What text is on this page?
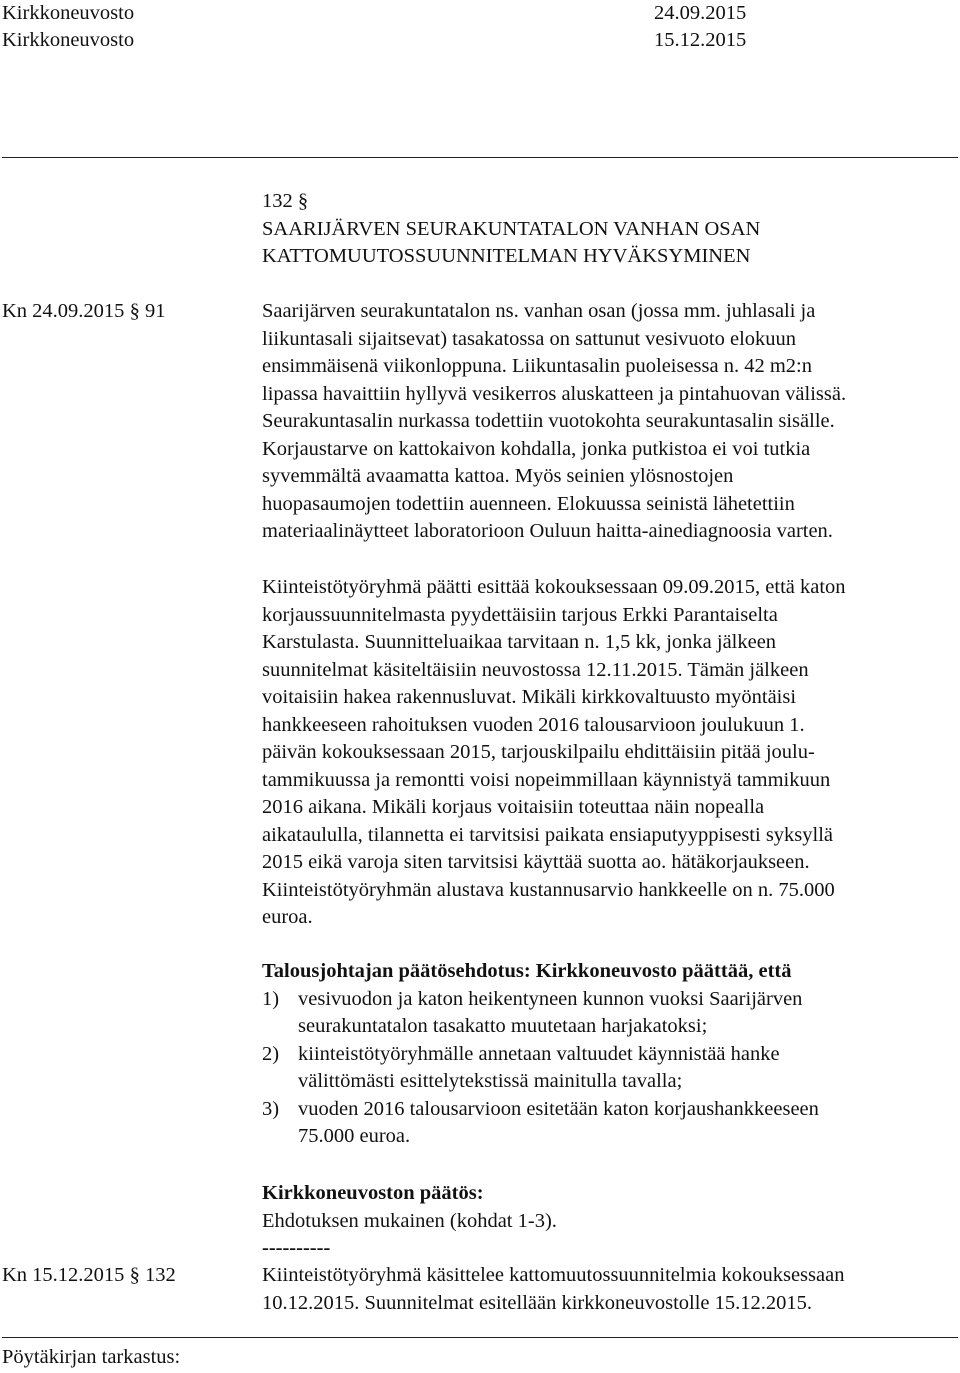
Kirkkoneuvosto	24.09.2015
Kirkkoneuvosto	15.12.2015
132 §
SAARIJÄRVEN SEURAKUNTATALON VANHAN OSAN
KATTOMUUTOSSUUNNITELMAN HYVÄKSYMINEN
Kn 24.09.2015 § 91	Saarijärven seurakuntatalon ns. vanhan osan (jossa mm. juhlasali ja

liikuntasali sijaitsevat) tasakatossa on sattunut vesivuoto elokuun

ensimmäisenä viikonloppuna. Liikuntasalin puoleisessa n. 42 m2:n

lipassa havaittiin hyllyvä vesikerros aluskatteen ja pintahuovan välissä.

Seurakuntasalin nurkassa todettiin vuotokohta seurakuntasalin sisälle.

Korjaustarve on kattokaivon kohdalla, jonka putkistoa ei voi tutkia

syvemmältä avaamatta kattoa. Myös seinien ylösnostojen

huopasaumojen todettiin auenneen. Elokuussa seinistä lähetettiin

materiaalinäytteet laboratorioon Ouluun haitta-ainediagnoosia varten.

Kiinteistötyöryhmä päätti esittää kokouksessaan 09.09.2015, että katon

korjaussuunnitelmasta pyydettäisiin tarjous Erkki Parantaiselta

Karstulasta. Suunnitteluaikaa tarvitaan n. 1,5 kk, jonka jälkeen

suunnitelmat käsiteltäisiin neuvostossa 12.11.2015. Tämän jälkeen

voitaisiin hakea rakennusluvat. Mikäli kirkkovaltuusto myöntäisi

hankkeeseen rahoituksen vuoden 2016 talousarvioon joulukuun 1.

päivän kokouksessaan 2015, tarjouskilpailu ehdittäisiin pitää joulu-

tammikuussa ja remontti voisi nopeimmillaan käynnistyä tammikuun

2016 aikana. Mikäli korjaus voitaisiin toteuttaa näin nopealla

aikataululla, tilannetta ei tarvitsisi paikata ensiaputyyppisesti syksyllä

2015 eikä varoja siten tarvitsisi käyttää suotta ao. hätäkorjaukseen.

Kiinteistötyöryhmän alustava kustannusarvio hankkeelle on n. 75.000

euroa.

Talousjohtajan päätösehdotus: Kirkkoneuvosto päättää, että

1) vesivuodon ja katon heikentyneen kunnon vuoksi Saarijärven
seurakuntatalon tasakatto muutetaan harjakatoksi;
2) kiinteistötyöryhmälle annetaan valtuudet käynnistää hanke
välittömästi esittelytekstissä mainitulla tavalla;
3) vuoden 2016 talousarvioon esitetään katon korjaushankkeeseen
75.000 euroa.

Kirkkoneuvoston päätös:

Ehdotuksen mukainen (kohdat 1-3).

----------

Kn 15.12.2015 § 132	Kiinteistötyöryhmä käsittelee kattomuutossuunnitelmia kokouksessaan

10.12.2015. Suunnitelmat esitellään kirkkoneuvostolle 15.12.2015.

Pöytäkirjan tarkastus:
